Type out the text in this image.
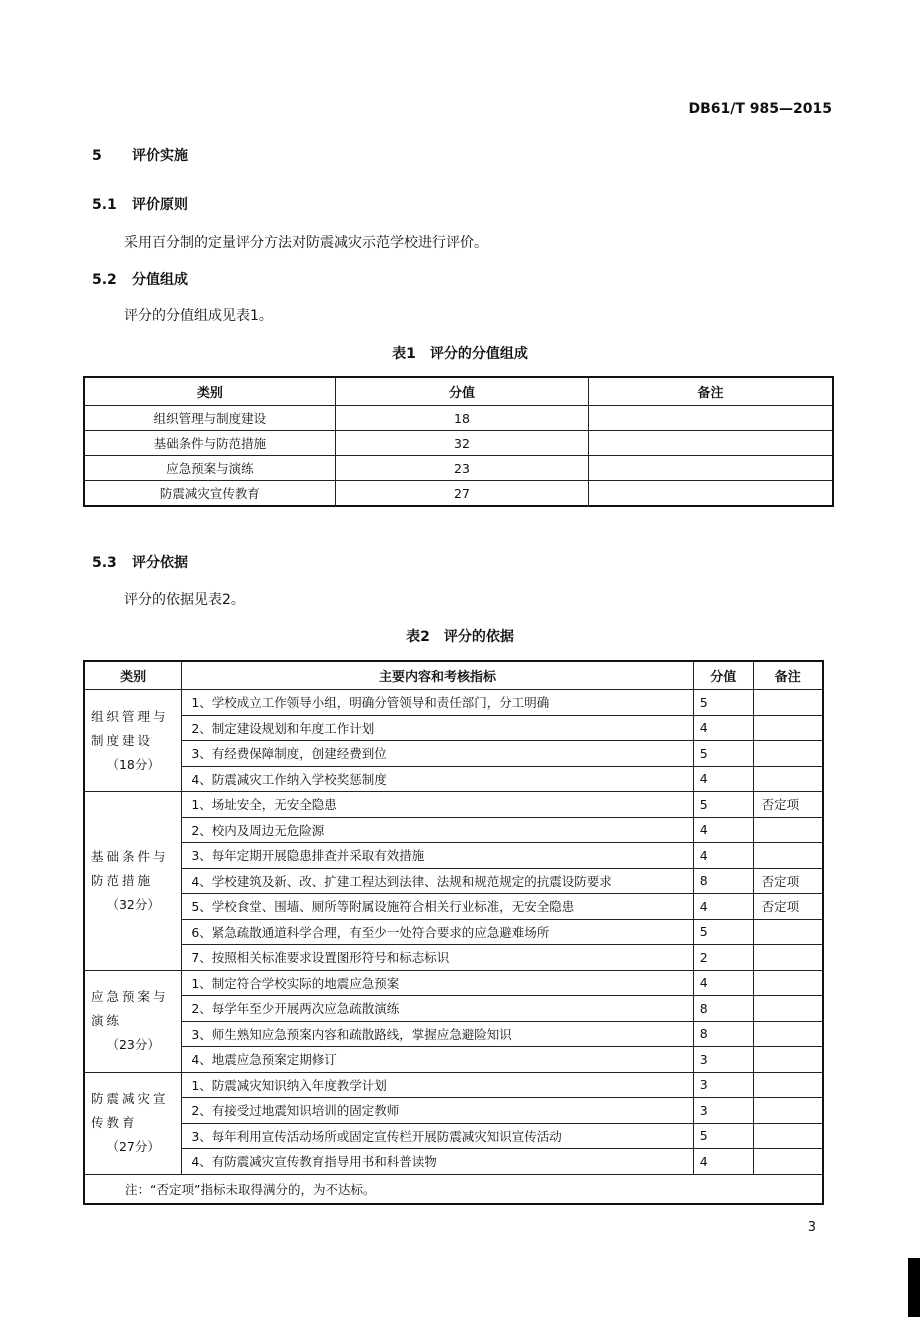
DB61/T 985—2015
5 评价实施
5.1 评价原则
采用百分制的定量评分方法对防震减灾示范学校进行评价。
5.2 分值组成
评分的分值组成见表1。
表1　评分的分值组成
类别	分值	备注
组织管理与制度建设	18	
基础条件与防范措施	32	
应急预案与演练	23	
防震减灾宣传教育	27	
5.3 评分依据
评分的依据见表2。
表2　评分的依据
类别	主要内容和考核指标	分值	备注
组织管理与制度建设
（18分）	1、学校成立工作领导小组，明确分管领导和责任部门，分工明确	5	
	2、制定建设规划和年度工作计划	4	
	3、有经费保障制度，创建经费到位	5	
	4、防震减灾工作纳入学校奖惩制度	4	
基础条件与防范措施
（32分）	1、场址安全，无安全隐患	5	否定项
	2、校内及周边无危险源	4	
	3、每年定期开展隐患排查并采取有效措施	4	
	4、学校建筑及新、改、扩建工程达到法律、法规和规范规定的抗震设防要求	8	否定项
	5、学校食堂、围墙、厕所等附属设施符合相关行业标准，无安全隐患	4	否定项
	6、紧急疏散通道科学合理，有至少一处符合要求的应急避难场所	5	
	7、按照相关标准要求设置图形符号和标志标识	2	
应急预案与演练
（23分）	1、制定符合学校实际的地震应急预案	4	
	2、每学年至少开展两次应急疏散演练	8	
	3、师生熟知应急预案内容和疏散路线，掌握应急避险知识	8	
	4、地震应急预案定期修订	3	
防震减灾宣传教育
（27分）	1、防震减灾知识纳入年度教学计划	3	
	2、有接受过地震知识培训的固定教师	3	
	3、每年利用宣传活动场所或固定宣传栏开展防震减灾知识宣传活动	5	
	4、有防震减灾宣传教育指导用书和科普读物	4	
注：“否定项”指标未取得满分的，为不达标。			
3
